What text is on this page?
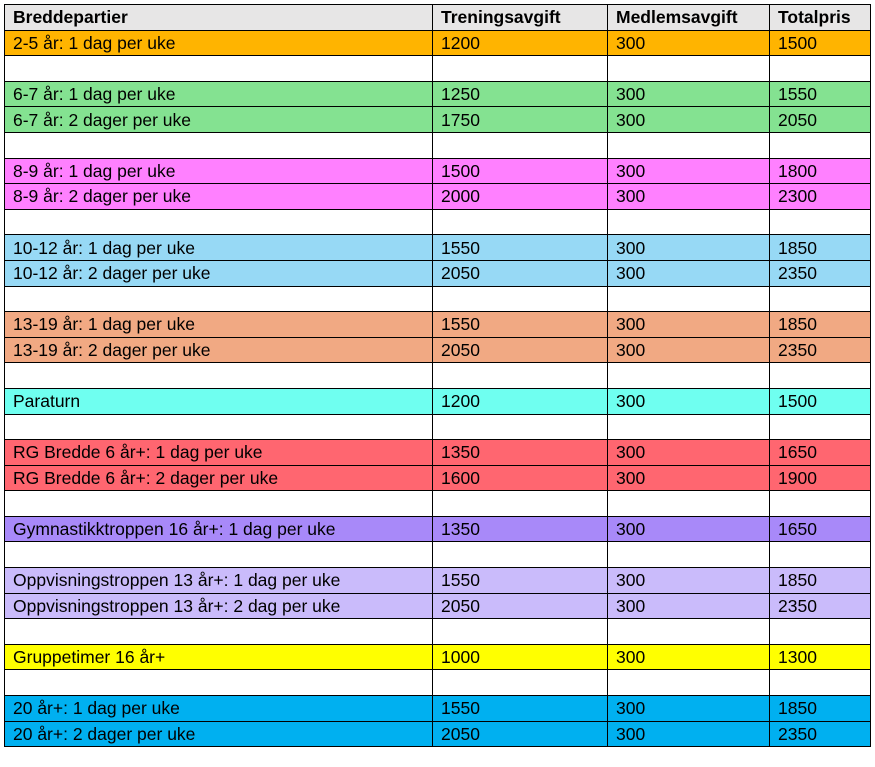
Breddepartier	Treningsavgift	Medlemsavgift	Totalpris
2-5 år: 1 dag per uke	1200	300	1500

6-7 år: 1 dag per uke	1250	300	1550
6-7 år: 2 dager per uke	1750	300	2050

8-9 år: 1 dag per uke	1500	300	1800
8-9 år: 2 dager per uke	2000	300	2300

10-12 år: 1 dag per uke	1550	300	1850
10-12 år: 2 dager per uke	2050	300	2350

13-19 år: 1 dag per uke	1550	300	1850
13-19 år: 2 dager per uke	2050	300	2350

Paraturn	1200	300	1500

RG Bredde 6 år+: 1 dag per uke	1350	300	1650
RG Bredde 6 år+: 2 dager per uke	1600	300	1900

Gymnastikktroppen 16 år+: 1 dag per uke	1350	300	1650

Oppvisningstroppen 13 år+: 1 dag per uke	1550	300	1850
Oppvisningstroppen 13 år+: 2 dag per uke	2050	300	2350

Gruppetimer 16 år+	1000	300	1300

20 år+: 1 dag per uke	1550	300	1850
20 år+: 2 dager per uke	2050	300	2350
